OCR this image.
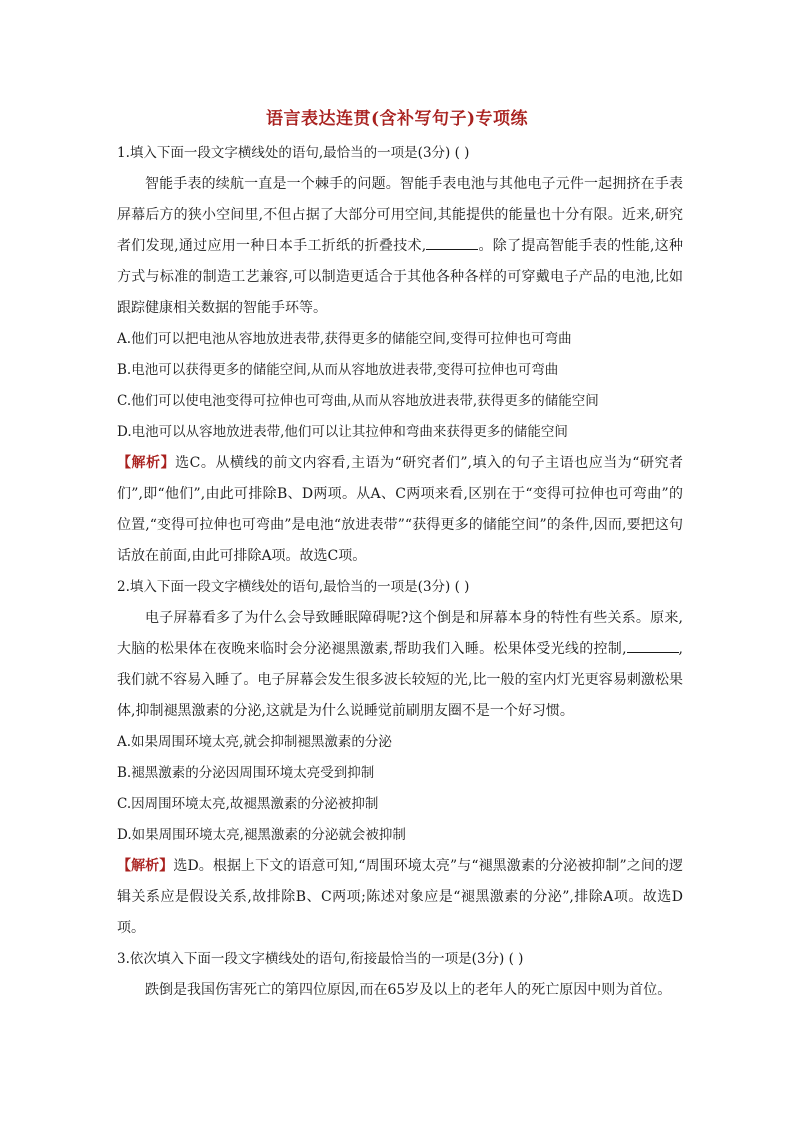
语言表达连贯(含补写句子)专项练

1.填入下面一段文字横线处的语句,最恰当的一项是(3分) ( )

智能手表的续航一直是一个棘手的问题。智能手表电池与其他电子元件一起拥挤在手表屏幕后方的狭小空间里,不但占据了大部分可用空间,其能提供的能量也十分有限。近来,研究者们发现,通过应用一种日本手工折纸的折叠技术,	。除了提高智能手表的性能,这种方式与标准的制造工艺兼容,可以制造更适合于其他各种各样的可穿戴电子产品的电池,比如跟踪健康相关数据的智能手环等。

A.他们可以把电池从容地放进表带,获得更多的储能空间,变得可拉伸也可弯曲

B.电池可以获得更多的储能空间,从而从容地放进表带,变得可拉伸也可弯曲

C.他们可以使电池变得可拉伸也可弯曲,从而从容地放进表带,获得更多的储能空间

D.电池可以从容地放进表带,他们可以让其拉伸和弯曲来获得更多的储能空间

【解析】选C。从横线的前文内容看,主语为“研究者们”,填入的句子主语也应当为“研究者们”,即“他们”,由此可排除B、D两项。从A、C两项来看,区别在于“变得可拉伸也可弯曲”的位置,“变得可拉伸也可弯曲”是电池“放进表带”“获得更多的储能空间”的条件,因而,要把这句话放在前面,由此可排除A项。故选C项。

2.填入下面一段文字横线处的语句,最恰当的一项是(3分) ( )

电子屏幕看多了为什么会导致睡眠障碍呢?这个倒是和屏幕本身的特性有些关系。原来,大脑的松果体在夜晚来临时会分泌褪黑激素,帮助我们入睡。松果体受光线的控制,	,我们就不容易入睡了。电子屏幕会发生很多波长较短的光,比一般的室内灯光更容易刺激松果体,抑制褪黑激素的分泌,这就是为什么说睡觉前刷朋友圈不是一个好习惯。

A.如果周围环境太亮,就会抑制褪黑激素的分泌

B.褪黑激素的分泌因周围环境太亮受到抑制

C.因周围环境太亮,故褪黑激素的分泌被抑制

D.如果周围环境太亮,褪黑激素的分泌就会被抑制

【解析】选D。根据上下文的语意可知,“周围环境太亮”与“褪黑激素的分泌被抑制”之间的逻辑关系应是假设关系,故排除B、C两项;陈述对象应是“褪黑激素的分泌”,排除A项。故选D项。

3.依次填入下面一段文字横线处的语句,衔接最恰当的一项是(3分) ( )

跌倒是我国伤害死亡的第四位原因,而在65岁及以上的老年人的死亡原因中则为首位。
